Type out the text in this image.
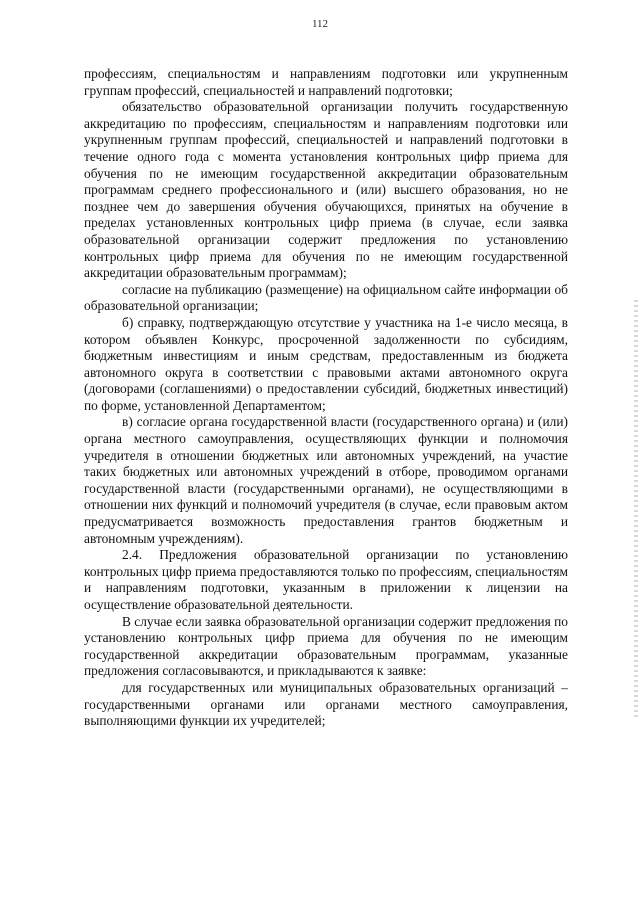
112

профессиям, специальностям и направлениям подготовки или укрупненным группам профессий, специальностей и направлений подготовки;

обязательство образовательной организации получить государственную аккредитацию по профессиям, специальностям и направлениям подготовки или укрупненным группам профессий, специальностей и направлений подготовки в течение одного года с момента установления контрольных цифр приема для обучения по не имеющим государственной аккредитации образовательным программам среднего профессионального и (или) высшего образования, но не позднее чем до завершения обучения обучающихся, принятых на обучение в пределах установленных контрольных цифр приема (в случае, если заявка образовательной организации содержит предложения по установлению контрольных цифр приема для обучения по не имеющим государственной аккредитации образовательным программам);

согласие на публикацию (размещение) на официальном сайте информации об образовательной организации;

б) справку, подтверждающую отсутствие у участника на 1-е число месяца, в котором объявлен Конкурс, просроченной задолженности по субсидиям, бюджетным инвестициям и иным средствам, предоставленным из бюджета автономного округа в соответствии с правовыми актами автономного округа (договорами (соглашениями) о предоставлении субсидий, бюджетных инвестиций) по форме, установленной Департаментом;

в) согласие органа государственной власти (государственного органа) и (или) органа местного самоуправления, осуществляющих функции и полномочия учредителя в отношении бюджетных или автономных учреждений, на участие таких бюджетных или автономных учреждений в отборе, проводимом органами государственной власти (государственными органами), не осуществляющими в отношении них функций и полномочий учредителя (в случае, если правовым актом предусматривается возможность предоставления грантов бюджетным и автономным учреждениям).

2.4. Предложения образовательной организации по установлению контрольных цифр приема предоставляются только по профессиям, специальностям и направлениям подготовки, указанным в приложении к лицензии на осуществление образовательной деятельности.

В случае если заявка образовательной организации содержит предложения по установлению контрольных цифр приема для обучения по не имеющим государственной аккредитации образовательным программам, указанные предложения согласовываются, и прикладываются к заявке:

для государственных или муниципальных образовательных организаций – государственными органами или органами местного самоуправления, выполняющими функции их учредителей;
